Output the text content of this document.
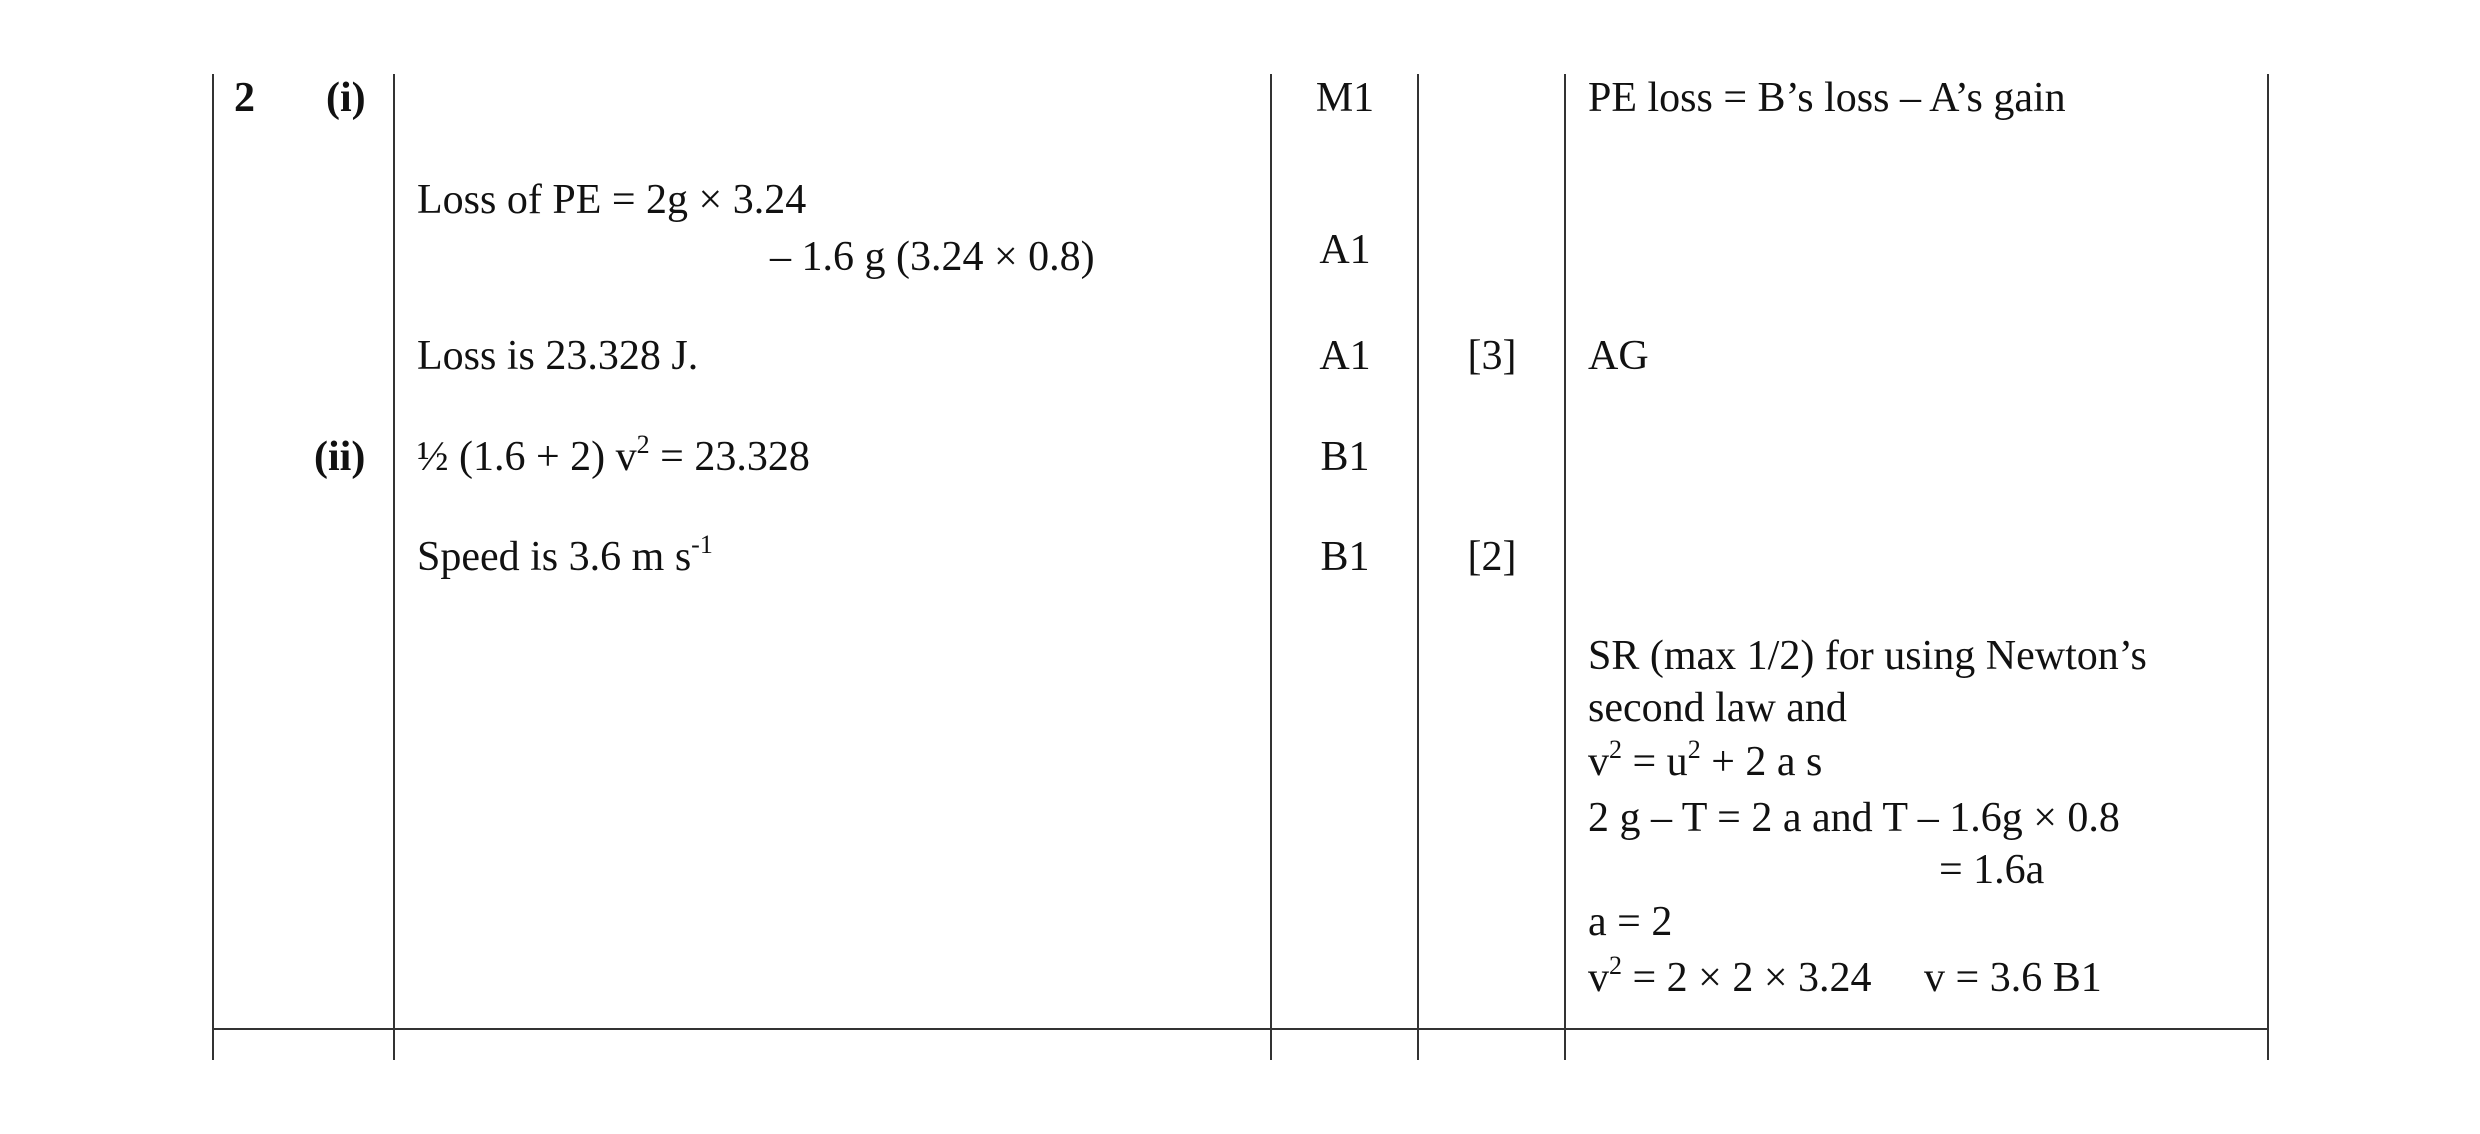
2 (i)
(ii)
Loss of PE = 2g × 3.24
– 1.6 g (3.24 × 0.8)
Loss is 23.328 J.
½ (1.6 + 2) $v^2 = 23.328$
Speed is 3.6 m $s^{-1}$
M1
A1
A1
B1
B1
[3]
[2]
PE loss = B’s loss – A’s gain
AG
SR (max 1/2) for using Newton’s
second law and
$v^2 = u^2 + 2$ a s
2 g – T = 2 a and T – 1.6g × 0.8
= 1.6a
a = 2
$v^2 = 2 \times 2 \times 3.24$     v = 3.6 B1
